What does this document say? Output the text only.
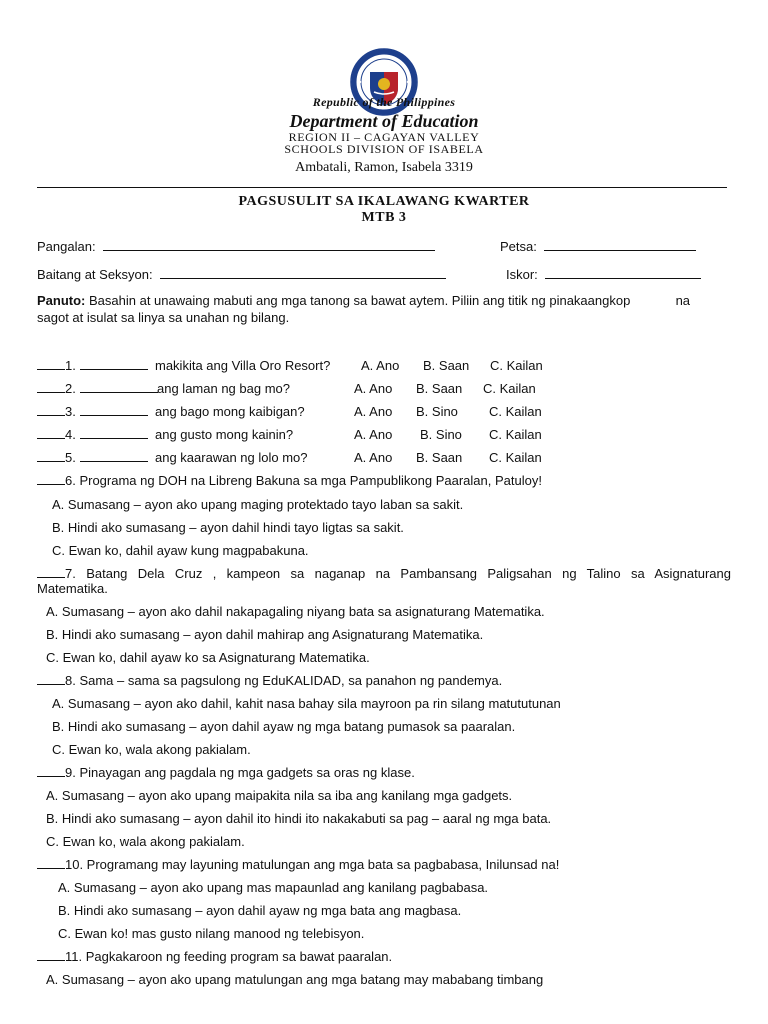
Republic of the Philippines
Department of Education
REGION II – CAGAYAN VALLEY
SCHOOLS DIVISION OF ISABELA
Ambatali, Ramon, Isabela 3319
PAGSUSULIT SA IKALAWANG KWARTER
MTB 3
Pangalan:	Petsa:
Baitang at Seksyon:	Iskor:
Panuto: Basahin at unawaing mabuti ang mga tanong sa bawat aytem. Piliin ang titik ng pinakaangkop	na
sagot at isulat sa linya sa unahan ng bilang.
1.	makikita ang Villa Oro Resort? A. Ano B. Saan C. Kailan
2.	ang laman ng bag mo?	A. Ano B. Saan C. Kailan
3.	ang bago mong kaibigan?	A. Ano B. Sino C. Kailan
4.	ang gusto mong kainin?	A. Ano B. Sino C. Kailan
5.	ang kaarawan ng lolo mo?	A. Ano B. Saan C. Kailan
6. Programa ng DOH na Libreng Bakuna sa mga Pampublikong Paaralan, Patuloy!
A. Sumasang – ayon ako upang maging protektado tayo laban sa sakit.
B. Hindi ako sumasang – ayon dahil hindi tayo ligtas sa sakit.
C. Ewan ko, dahil ayaw kung magpabakuna.
7. Batang Dela Cruz , kampeon sa naganap na Pambansang Paligsahan ng Talino sa Asignaturang
Matematika.
A. Sumasang – ayon ako dahil nakapagaling niyang bata sa asignaturang Matematika.
B. Hindi ako sumasang – ayon dahil mahirap ang Asignaturang Matematika.
C. Ewan ko, dahil ayaw ko sa Asignaturang Matematika.
8. Sama – sama sa pagsulong ng EduKALIDAD, sa panahon ng pandemya.
A. Sumasang – ayon ako dahil, kahit nasa bahay sila mayroon pa rin silang matututunan
B. Hindi ako sumasang – ayon dahil ayaw ng mga batang pumasok sa paaralan.
C. Ewan ko, wala akong pakialam.
9. Pinayagan ang pagdala ng mga gadgets sa oras ng klase.
A. Sumasang – ayon ako upang maipakita nila sa iba ang kanilang mga gadgets.
B. Hindi ako sumasang – ayon dahil ito hindi ito nakakabuti sa pag – aaral ng mga bata.
C. Ewan ko, wala akong pakialam.
10. Programang may layuning matulungan ang mga bata sa pagbabasa, Inilunsad na!
A. Sumasang – ayon ako upang mas mapaunlad ang kanilang pagbabasa.
B. Hindi ako sumasang – ayon dahil ayaw ng mga bata ang magbasa.
C. Ewan ko! mas gusto nilang manood ng telebisyon.
11. Pagkakaroon ng feeding program sa bawat paaralan.
A. Sumasang – ayon ako upang matulungan ang mga batang may mababang timbang
